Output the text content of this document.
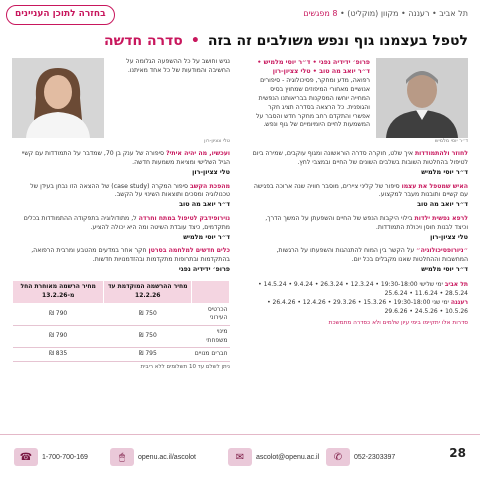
בחזרה לתוכן העניינים	תל אביב • רעננה • מקוון (מוקליט) • 8 מפגשים
לטפל בעצמנו גוף ונפש משולבים זה בזה • סדרה חדשה
פרופ׳ ידידיה נפגי • ד״ר יוסי מלמיש • ד״ר יואב מה טוב • טלי צציון-רון
רפואה, מדע ומחקר, פסיכולוגיה - סיפורים אנושיים מאחורי המיפוזים שמחוץ בסיס המחייה יוחשו המסקנות בבריאותנו הנפשית והגופנית. כל הרצאה בסדרה תציג חקר אפשרי והתקדם רחב מחקר חדש והסבר על המשמעות לחיים היומיומיים של גוף ונפש.
ד״ר יוסי מלמיש
לחוזר ולהתמודדות איך שלט, חוקרה סדרה הוראשונה ומגוף עוקבים, שמירה ביום לטיפול בהחלטות השובות בשלבים השונים של החיים ובמצבי לחץ.
ד״ר יוסי מלמיש
האיש שמטפל את עצמו סיפור של קליני ציירים, מוסבר חוויה שנה ארוכה בפגישה עם קשיים ותובנות מעבר למקצוע.
ד״ר יואב מה טוב
לרפא נפשית ילדות בילוי היקבות הנפש של החיים והשפעתן על המשך הדרך, וכיצד לבנות חוסן ויכולת התמודדות.
טלי צציון-רון
״ניורופסיכולוגיה״ על הקשר בין המוח להתנהגות והשפעתו על הרגשות, המחשבות וההחלטות שאנו מקבלים בכל יום.
ד״ר יוסי מלמיש
תל אביב ימי שלישי 19:30-18:00 • 12.3.24 • 26.3.24 • 9.4.24 • 14.5.24 • 28.5.24 • 11.6.24 • 25.6.24
רעננה ימי שני 19:30-18:00 • 15.3.26 • 29.3.26 • 12.4.26 • 26.4.26 • 10.5.26 • 24.5.26 • 29.6.26
סדרות אלו יתקיימו בימי עיון שלמים ולא כסדרה מתמשכת
נגיש וחושב על כל ההשפעה הגלומה על החשיבה והמודעות של כל אחד מאיתנו.
טלי צציון-רון
ועכשיו, מה יהיה איתי? סיפורה של ענק בן 70, שמדבר על התמודדות עם קשיי הגיל השלישי ומציאת משמעות חדשה.
טלי צציון-רון
מהפכת הקשב סיפור המקרה (case study) של ההצאה הזו נבחן בעידן של טכנולוגיה ומסכים ותוצאות השינוי על הקשב.
ד״ר יואב מה טוב
נוירופידבק לטיפול במתח וחרדה ל, מתודולוגיה בתפקודה ההתמודדות בכלים מתקדמים, כיצד עובדת השיטה ומה היא יכולה להציע.
ד״ר יוסי מלמיש
כלים חדשים למלחמה בסרטן חקר אחר במדעים מהטבע ומרבית הרפואה, בהתקדמות ובתרופות מתקדמות ובהזדמנויות חדשות.
פרופ׳ ידידיה נפגי
	מחיר ההרשמה המוקדמת עד 12.2.26	מחיר הרשמה מאוחרת החל מ-13.2.26
הכרטיס העירוני	750 ₪	790 ₪
מינוי משפחתי	750 ₪	790 ₪
חברים מנויים	795 ₪	835 ₪
ניתן לשלם עד 10 תשלומים ללא ריבית
☎	1-700-700-169	🖱	openu.ac.il/ascolot	✉	ascolot@openu.ac.il	✆	052-2303397	28
